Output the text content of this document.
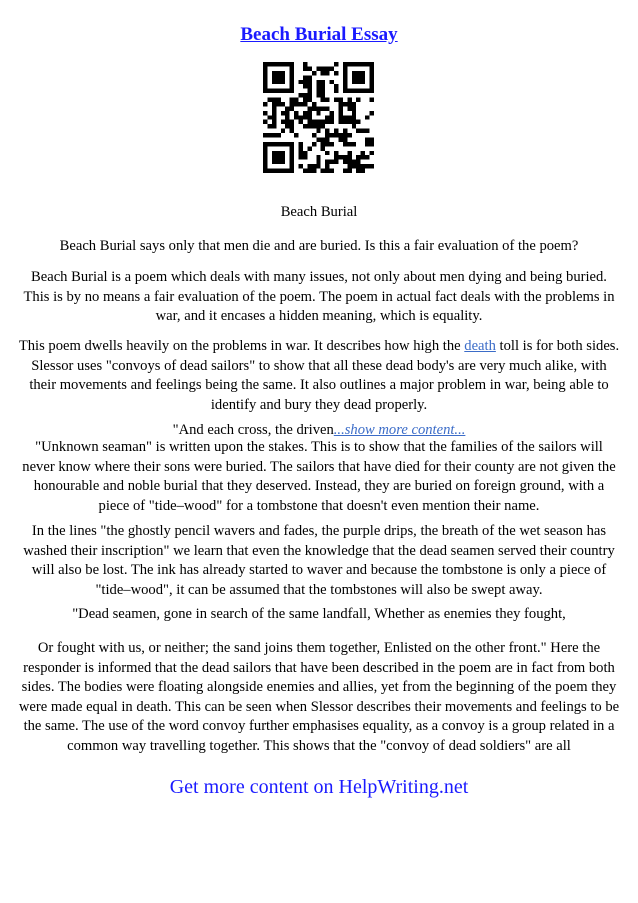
Beach Burial Essay

Beach Burial

Beach Burial says only that men die and are buried. Is this a fair evaluation of the poem?

Beach Burial is a poem which deals with many issues, not only about men dying and being buried. This is by no means a fair evaluation of the poem. The poem in actual fact deals with the problems in war, and it encases a hidden meaning, which is equality.

This poem dwells heavily on the problems in war. It describes how high the death toll is for both sides. Slessor uses "convoys of dead sailors" to show that all these dead body's are very much alike, with their movements and feelings being the same. It also outlines a major problem in war, being able to identify and bury they dead properly.

"And each cross, the driven...show more content...

"Unknown seaman" is written upon the stakes. This is to show that the families of the sailors will never know where their sons were buried. The sailors that have died for their county are not given the honourable and noble burial that they deserved. Instead, they are buried on foreign ground, with a piece of "tide–wood" for a tombstone that doesn't even mention their name.

In the lines "the ghostly pencil wavers and fades, the purple drips, the breath of the wet season has washed their inscription" we learn that even the knowledge that the dead seamen served their country will also be lost. The ink has already started to waver and because the tombstone is only a piece of "tide–wood", it can be assumed that the tombstones will also be swept away.

"Dead seamen, gone in search of the same landfall, Whether as enemies they fought,

Or fought with us, or neither; the sand joins them together, Enlisted on the other front." Here the responder is informed that the dead sailors that have been described in the poem are in fact from both sides. The bodies were floating alongside enemies and allies, yet from the beginning of the poem they were made equal in death. This can be seen when Slessor describes their movements and feelings to be the same. The use of the word convoy further emphasises equality, as a convoy is a group related in a common way travelling together. This shows that the "convoy of dead soldiers" are all

Get more content on HelpWriting.net
